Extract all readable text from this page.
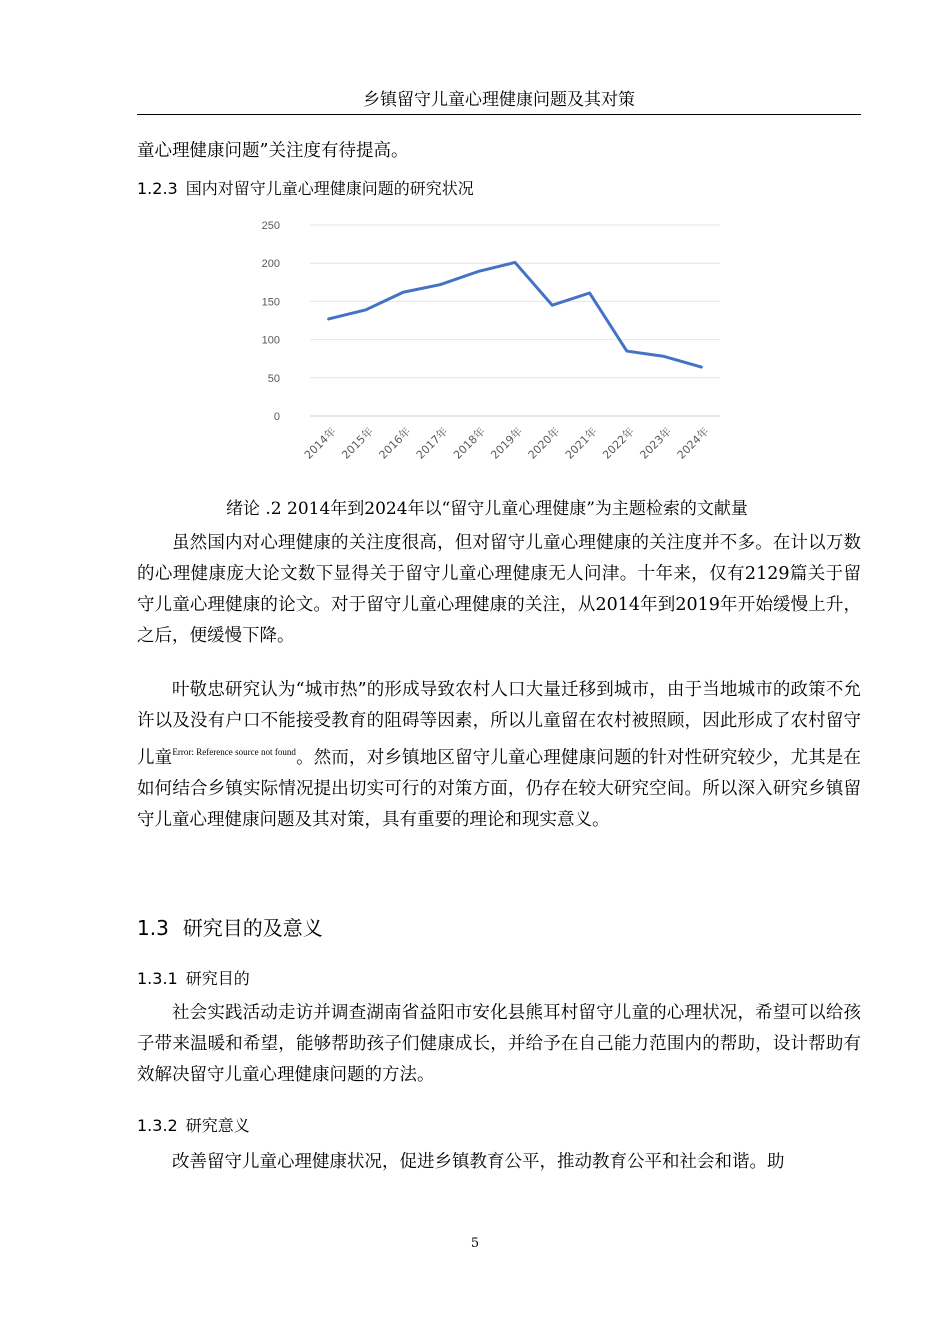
乡镇留守儿童心理健康问题及其对策
童心理健康问题”关注度有待提高。
1.2.3 国内对留守儿童心理健康问题的研究状况
0
50
100
150
200
250
2014年 2015年 2016年 2017年 2018年 2019年 2020年 2021年 2022年 2023年 2024年
绪论 .2 2014年到2024年以“留守儿童心理健康”为主题检索的文献量

虽然国内对心理健康的关注度很高，但对留守儿童心理健康的关注度并不多。在计以万数的心理健康庞大论文数下显得关于留守儿童心理健康无人问津。十年来，仅有2129篇关于留守儿童心理健康的论文。对于留守儿童心理健康的关注，从2014年到2019年开始缓慢上升，之后，便缓慢下降。

叶敬忠研究认为“城市热”的形成导致农村人口大量迁移到城市，由于当地城市的政策不允许以及没有户口不能接受教育的阻碍等因素，所以儿童留在农村被照顾，因此形成了农村留守儿童$^{Error: Reference source not found}$。然而，对乡镇地区留守儿童心理健康问题的针对性研究较少，尤其是在如何结合乡镇实际情况提出切实可行的对策方面，仍存在较大研究空间。所以深入研究乡镇留守儿童心理健康问题及其对策，具有重要的理论和现实意义。

1.3 研究目的及意义
1.3.1 研究目的

社会实践活动走访并调查湖南省益阳市安化县熊耳村留守儿童的心理状况，希望可以给孩子带来温暖和希望，能够帮助孩子们健康成长，并给予在自己能力范围内的帮助，设计帮助有效解决留守儿童心理健康问题的方法。

1.3.2 研究意义

改善留守儿童心理健康状况，促进乡镇教育公平，推动教育公平和社会和谐。助

5
